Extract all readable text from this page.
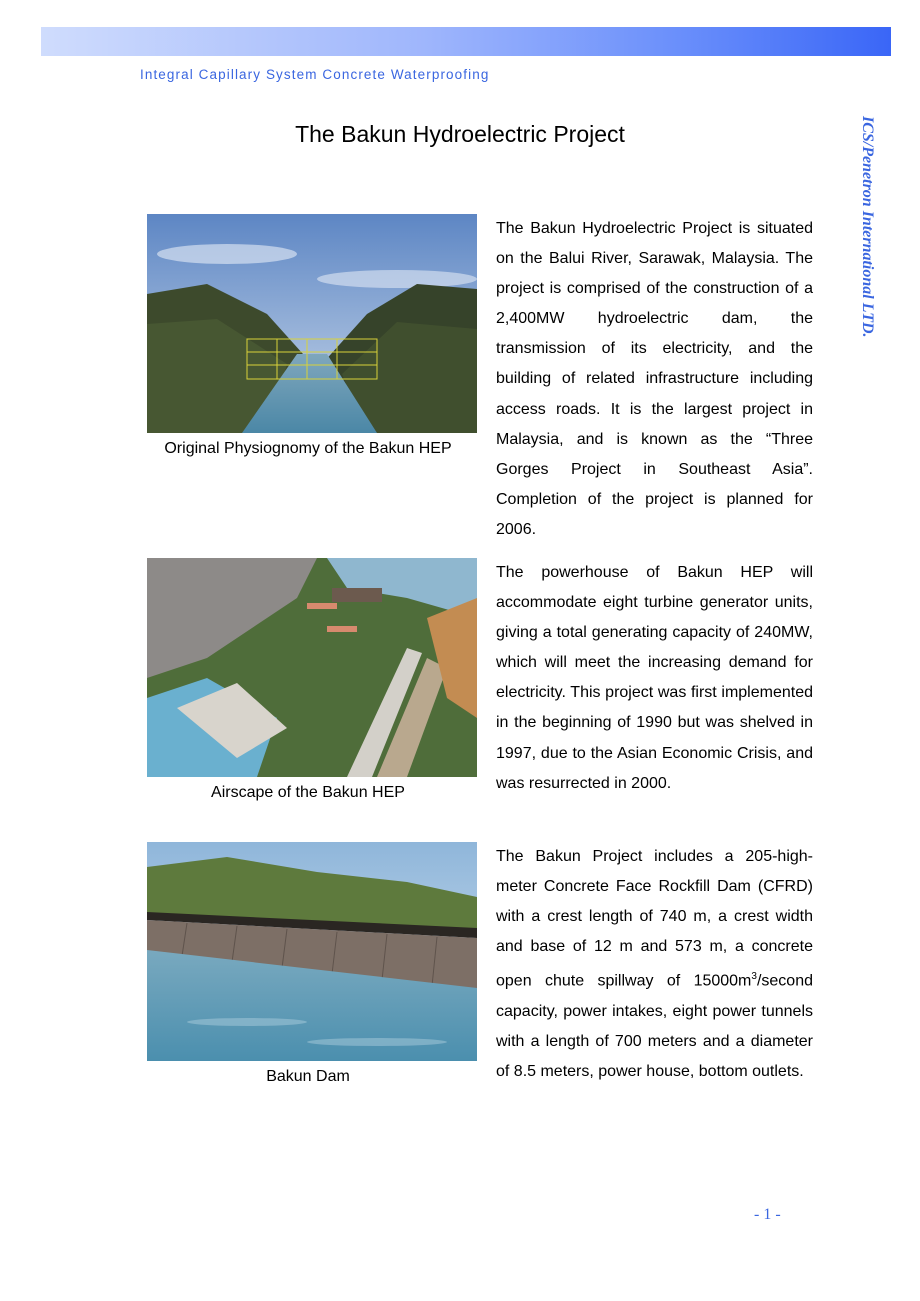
Integral Capillary System Concrete Waterproofing
ICS/Penetron International LTD.
The Bakun Hydroelectric Project
Original Physiognomy of the Bakun HEP

The Bakun Hydroelectric Project is situated on the Balui River, Sarawak, Malaysia. The project is comprised of the construction of a 2,400MW hydroelectric dam, the transmission of its electricity, and the building of related infrastructure including access roads. It is the largest project in Malaysia, and is known as the “Three Gorges Project in Southeast Asia”. Completion of the project is planned for 2006.

Airscape of the Bakun HEP

The powerhouse of Bakun HEP will accommodate eight turbine generator units, giving a total generating capacity of 240MW, which will meet the increasing demand for electricity. This project was first implemented in the beginning of 1990 but was shelved in 1997, due to the Asian Economic Crisis, and was resurrected in 2000.

Bakun Dam

The Bakun Project includes a 205-high-meter Concrete Face Rockfill Dam (CFRD) with a crest length of 740 m, a crest width and base of 12 m and 573 m, a concrete open chute spillway of $15000m^3$/second capacity, power intakes, eight power tunnels with a length of 700 meters and a diameter of 8.5 meters, power house, bottom outlets.

- 1 -
